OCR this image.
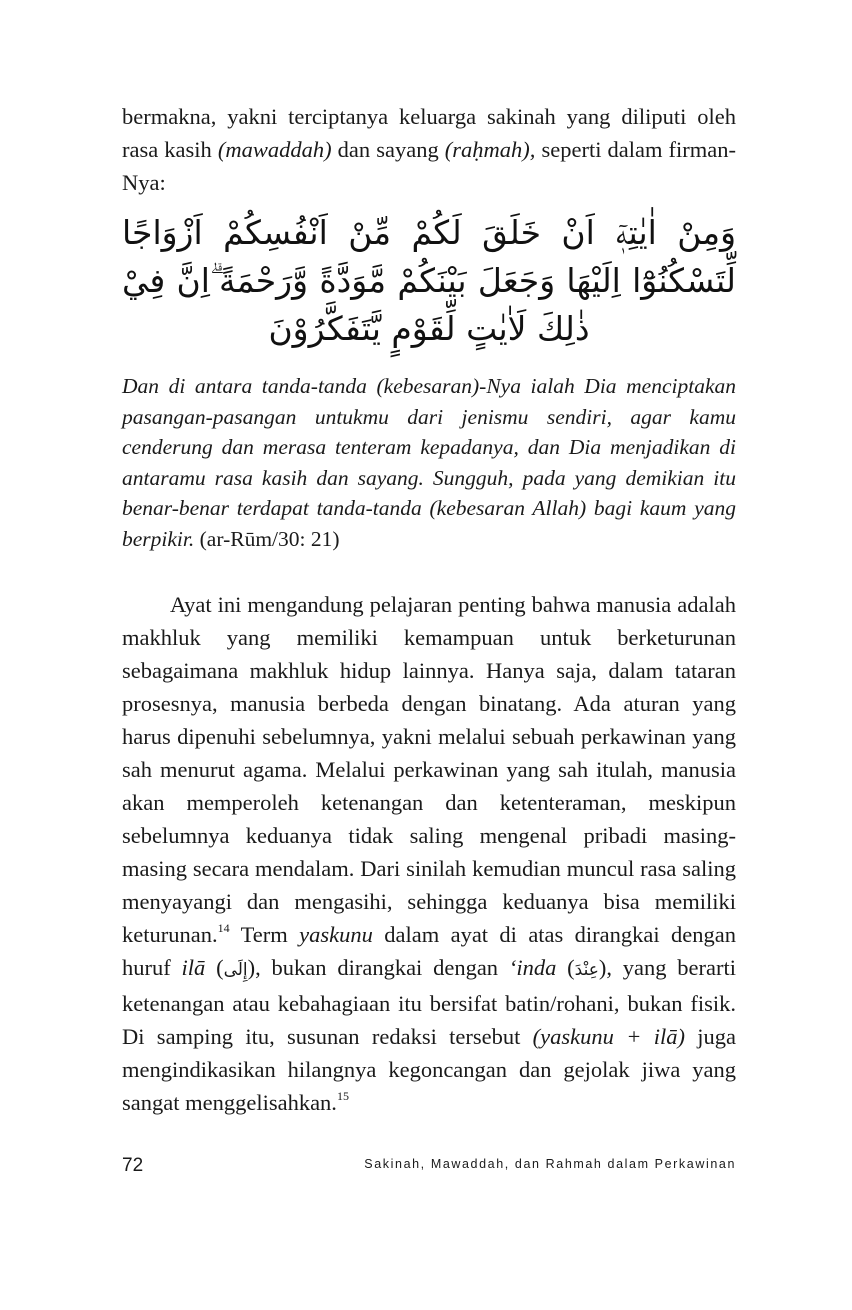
bermakna, yakni terciptanya keluarga sakinah yang diliputi oleh rasa kasih (mawaddah) dan sayang (raḥmah), seperti dalam firman-Nya:

وَمِنْ اٰيٰتِهٖٓ اَنْ خَلَقَ لَكُمْ مِّنْ اَنْفُسِكُمْ اَزْوَاجًا لِّتَسْكُنُوْٓا اِلَيْهَا وَجَعَلَ بَيْنَكُمْ مَّوَدَّةً وَّرَحْمَةً ۗاِنَّ فِيْ ذٰلِكَ لَاٰيٰتٍ لِّقَوْمٍ يَّتَفَكَّرُوْنَ

Dan di antara tanda-tanda (kebesaran)-Nya ialah Dia menciptakan pasangan-pasangan untukmu dari jenismu sendiri, agar kamu cenderung dan merasa tenteram kepadanya, dan Dia menjadikan di antaramu rasa kasih dan sayang. Sungguh, pada yang demikian itu benar-benar terdapat tanda-tanda (kebesaran Allah) bagi kaum yang berpikir. (ar-Rūm/30: 21)

Ayat ini mengandung pelajaran penting bahwa manusia adalah makhluk yang memiliki kemampuan untuk berketurunan sebagaimana makhluk hidup lainnya. Hanya saja, dalam tataran prosesnya, manusia berbeda dengan binatang. Ada aturan yang harus dipenuhi sebelumnya, yakni melalui sebuah perkawinan yang sah menurut agama. Melalui perkawinan yang sah itulah, manusia akan memperoleh ketenangan dan ketenteraman, meskipun sebelumnya keduanya tidak saling mengenal pribadi masing-masing secara mendalam. Dari sinilah kemudian muncul rasa saling menyayangi dan mengasihi, sehingga keduanya bisa memiliki keturunan.$^{14}$ Term yaskunu dalam ayat di atas dirangkai dengan huruf ilā (إِلَى), bukan dirangkai dengan ‘inda (عِنْدَ), yang berarti ketenangan atau kebahagiaan itu bersifat batin/rohani, bukan fisik. Di samping itu, susunan redaksi tersebut (yaskunu + ilā) juga mengindikasikan hilangnya kegoncangan dan gejolak jiwa yang sangat menggelisahkan.$^{15}$

72	Sakinah, Mawaddah, dan Rahmah dalam Perkawinan
